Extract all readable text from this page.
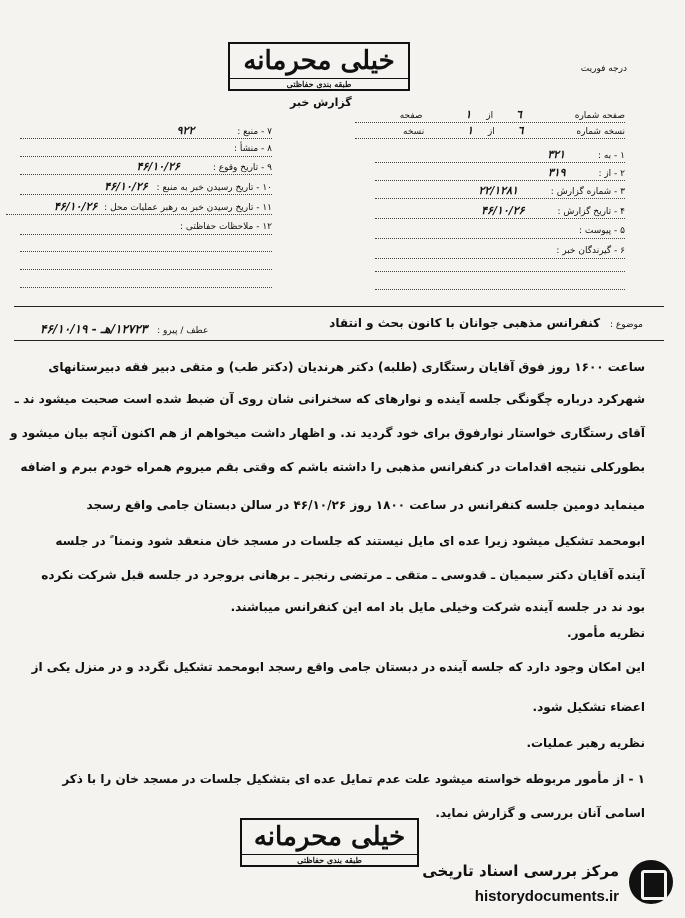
خیلی محرمانه
طبقه بندی حفاظتی
درجه فوریت
گزارش خبر
صفحه شماره ٦ از ۱ صفحه
نسخه شماره ٦ از ۱ نسخه
۱ - به : ۳۲۱
۲ - از : ۳۱۹
۳ - شماره گزارش : ۲۲/۱۲۸۱
۴ - تاریخ گزارش : ۴۶/۱۰/۲۶
۵ - پیوست :
۶ - گیرندگان خبر :
۷ - منبع : ۹۲۲
۸ - منشأ :
۹ - تاریخ وقوع : ۴۶/۱۰/۲۶
۱۰ - تاریخ رسیدن خبر به منبع : ۴۶/۱۰/۲۶
۱۱ - تاریخ رسیدن خبر به رهبر عملیات محل : ۴۶/۱۰/۲۶
۱۲ - ملاحظات حفاظتی :
موضوع : کنفرانس مذهبی جوانان با کانون بحث و انتقاد
عطف / پیرو : ۱۲۷۲۳/هـ - ۴۶/۱۰/۱۹
ساعت ۱۶۰۰ روز فوق آقایان رستگاری (طلبه) دکتر هرندیان (دکتر طب) و متقی دبیر فقه دبیرستانهای
شهرکرد درباره چگونگی جلسه آینده و نوارهای که سخنرانی شان روی آن ضبط شده است صحبت میشود ند ـ
آقای رستگاری خواستار نوارفوق برای خود گردید ند. و اظهار داشت میخواهم از هم اکنون آنچه بیان میشود و
بطورکلی نتیجه اقدامات در کنفرانس مذهبی را داشته باشم که وقتی بقم میروم همراه خودم ببرم و اضافه
مینماید دومین جلسه کنفرانس در ساعت ۱۸۰۰ روز ۴۶/۱۰/۲۶ در سالن دبستان جامی واقع رسجد
ابومحمد تشکیل میشود زیرا عده ای مایل نیستند که جلسات در مسجد خان منعقد شود ونمنا ً در جلسه
آینده آقایان دکتر سیمیان ـ قدوسی ـ متقی ـ مرتضی رنجبر ـ برهانی بروجرد در جلسه قبل شرکت نکرده
بود ند در جلسه آینده شرکت وخیلی مایل باد امه این کنفرانس میباشند.
نظریه مأمور.
این امکان وجود دارد که جلسه آینده در دبستان جامی واقع رسجد ابومحمد تشکیل نگردد و در منزل یکی از
اعضاء تشکیل شود.
نظریه رهبر عملیات.
۱ - از مأمور مربوطه خواسته میشود علت عدم تمایل عده ای بتشکیل جلسات در مسجد خان را با ذکر
اسامی آنان بررسی و گزارش نماید.
خیلی محرمانه
طبقه بندی حفاظتی
مرکز بررسی اسناد تاریخی
historydocuments.ir
